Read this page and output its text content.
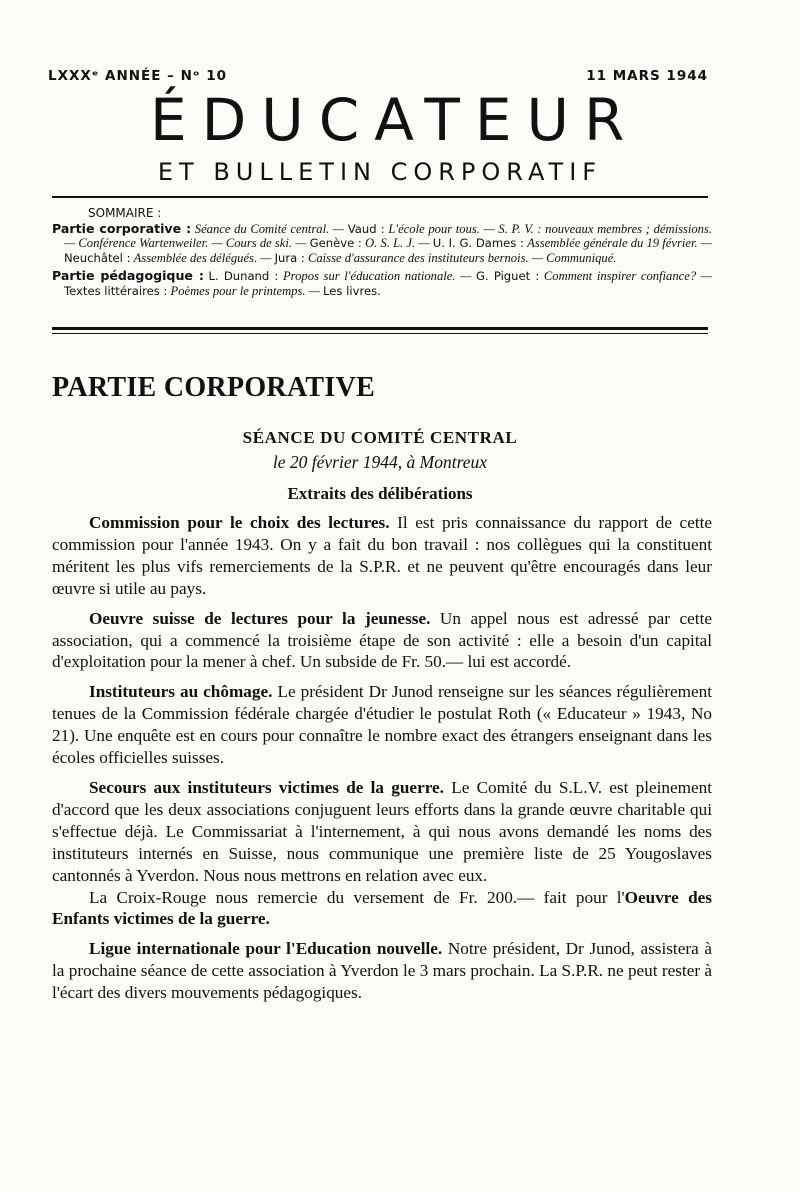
LXXXᵉ ANNÉE – Nᵒ 10	11 MARS 1944
ÉDUCATEUR
ET BULLETIN CORPORATIF
SOMMAIRE :

Partie corporative : Séance du Comité central. — Vaud : L'école pour tous. — S. P. V. : nouveaux membres ; démissions. — Conférence Wartenweiler. — Cours de ski. — Genève : O. S. L. J. — U. I. G. Dames : Assemblée générale du 19 février. — Neuchâtel : Assemblée des délégués. — Jura : Caisse d'assurance des instituteurs bernois. — Communiqué.

Partie pédagogique : L. Dunand : Propos sur l'éducation nationale. — G. Piguet : Comment inspirer confiance? — Textes littéraires : Poèmes pour le printemps. — Les livres.

PARTIE CORPORATIVE
SÉANCE DU COMITÉ CENTRAL
le 20 février 1944, à Montreux
Extraits des délibérations

Commission pour le choix des lectures. Il est pris connaissance du rapport de cette commission pour l'année 1943. On y a fait du bon travail : nos collègues qui la constituent méritent les plus vifs remerciements de la S.P.R. et ne peuvent qu'être encouragés dans leur œuvre si utile au pays.

Oeuvre suisse de lectures pour la jeunesse. Un appel nous est adressé par cette association, qui a commencé la troisième étape de son activité : elle a besoin d'un capital d'exploitation pour la mener à chef. Un subside de Fr. 50.— lui est accordé.

Instituteurs au chômage. Le président Dr Junod renseigne sur les séances régulièrement tenues de la Commission fédérale chargée d'étudier le postulat Roth (« Educateur » 1943, No 21). Une enquête est en cours pour connaître le nombre exact des étrangers enseignant dans les écoles officielles suisses.

Secours aux instituteurs victimes de la guerre. Le Comité du S.L.V. est pleinement d'accord que les deux associations conjuguent leurs efforts dans la grande œuvre charitable qui s'effectue déjà. Le Commissariat à l'internement, à qui nous avons demandé les noms des instituteurs internés en Suisse, nous communique une première liste de 25 Yougoslaves cantonnés à Yverdon. Nous nous mettrons en relation avec eux.

La Croix-Rouge nous remercie du versement de Fr. 200.— fait pour l'Oeuvre des Enfants victimes de la guerre.

Ligue internationale pour l'Education nouvelle. Notre président, Dr Junod, assistera à la prochaine séance de cette association à Yverdon le 3 mars prochain. La S.P.R. ne peut rester à l'écart des divers mouvements pédagogiques.
